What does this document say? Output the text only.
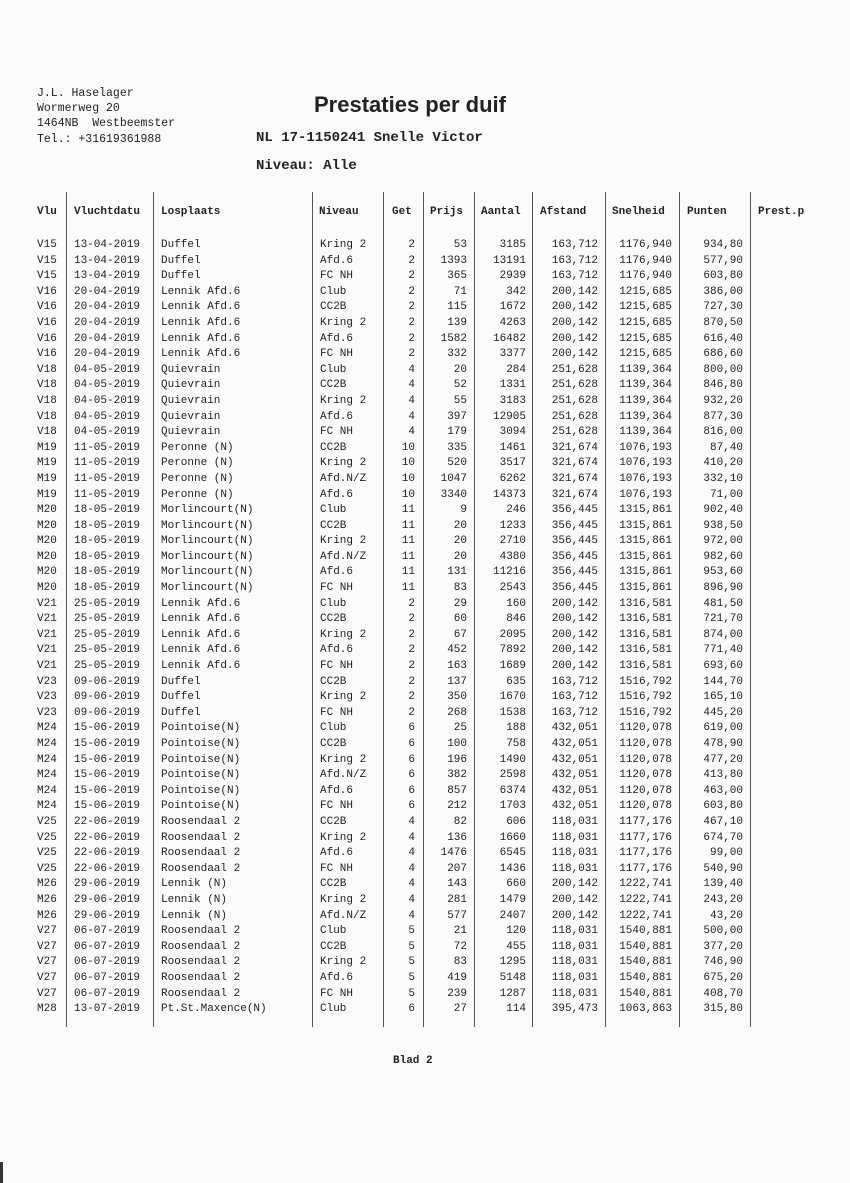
J.L. Haselager
Wormerweg 20
1464NB  Westbeemster
Tel.: +31619361988
Prestaties per duif
NL 17-1150241 Snelle Victor
Niveau: Alle
Vlu Vluchtdatu Losplaats	Niveau	Get Prijs Aantal Afstand Snelheid Punten	Prest.p
V15 13-04-2019 Duffel	Kring 2	2	53	3185 163,712 1176,940	934,80
V15 13-04-2019 Duffel	Afd.6	2 1393 13191 163,712 1176,940	577,90
V15 13-04-2019 Duffel	FC NH	2	365	2939 163,712 1176,940	603,80
V16 20-04-2019 Lennik Afd.6	Club	2	71	342 200,142 1215,685	386,00
V16 20-04-2019 Lennik Afd.6	CC2B	2	115	1672 200,142 1215,685	727,30
V16 20-04-2019 Lennik Afd.6	Kring 2	2	139	4263 200,142 1215,685	870,50
V16 20-04-2019 Lennik Afd.6	Afd.6	2 1582 16482 200,142 1215,685	616,40
V16 20-04-2019 Lennik Afd.6	FC NH	2	332	3377 200,142 1215,685	686,60
V18 04-05-2019 Quievrain	Club	4	20	284 251,628 1139,364	800,00
V18 04-05-2019 Quievrain	CC2B	4	52	1331 251,628 1139,364	846,80
V18 04-05-2019 Quievrain	Kring 2	4	55	3183 251,628 1139,364	932,20
V18 04-05-2019 Quievrain	Afd.6	4	397 12905 251,628 1139,364	877,30
V18 04-05-2019 Quievrain	FC NH	4	179	3094 251,628 1139,364	816,00
M19 11-05-2019 Peronne (N)	CC2B	10	335	1461 321,674 1076,193	87,40
M19 11-05-2019 Peronne (N)	Kring 2	10	520	3517 321,674 1076,193	410,20
M19 11-05-2019 Peronne (N)	Afd.N/Z	10 1047	6262 321,674 1076,193	332,10
M19 11-05-2019 Peronne (N)	Afd.6	10 3340 14373 321,674 1076,193	71,00
M20 18-05-2019 Morlincourt(N)	Club	11	9	246 356,445 1315,861	902,40
M20 18-05-2019 Morlincourt(N)	CC2B	11	20	1233 356,445 1315,861	938,50
M20 18-05-2019 Morlincourt(N)	Kring 2	11	20	2710 356,445 1315,861	972,00
M20 18-05-2019 Morlincourt(N)	Afd.N/Z	11	20	4380 356,445 1315,861	982,60
M20 18-05-2019 Morlincourt(N)	Afd.6	11	131 11216 356,445 1315,861	953,60
M20 18-05-2019 Morlincourt(N)	FC NH	11	83	2543 356,445 1315,861	896,90
V21 25-05-2019 Lennik Afd.6	Club	2	29	160 200,142 1316,581	481,50
V21 25-05-2019 Lennik Afd.6	CC2B	2	60	846 200,142 1316,581	721,70
V21 25-05-2019 Lennik Afd.6	Kring 2	2	67	2095 200,142 1316,581	874,00
V21 25-05-2019 Lennik Afd.6	Afd.6	2	452	7892 200,142 1316,581	771,40
V21 25-05-2019 Lennik Afd.6	FC NH	2	163	1689 200,142 1316,581	693,60
V23 09-06-2019 Duffel	CC2B	2	137	635 163,712 1516,792	144,70
V23 09-06-2019 Duffel	Kring 2	2	350	1670 163,712 1516,792	165,10
V23 09-06-2019 Duffel	FC NH	2	268	1538 163,712 1516,792	445,20
M24 15-06-2019 Pointoise(N)	Club	6	25	188 432,051 1120,078	619,00
M24 15-06-2019 Pointoise(N)	CC2B	6	100	758 432,051 1120,078	478,90
M24 15-06-2019 Pointoise(N)	Kring 2	6	196	1490 432,051 1120,078	477,20
M24 15-06-2019 Pointoise(N)	Afd.N/Z	6	382	2598 432,051 1120,078	413,80
M24 15-06-2019 Pointoise(N)	Afd.6	6	857	6374 432,051 1120,078	463,00
M24 15-06-2019 Pointoise(N)	FC NH	6	212	1703 432,051 1120,078	603,80
V25 22-06-2019 Roosendaal 2	CC2B	4	82	606 118,031 1177,176	467,10
V25 22-06-2019 Roosendaal 2	Kring 2	4	136	1660 118,031 1177,176	674,70
V25 22-06-2019 Roosendaal 2	Afd.6	4 1476	6545 118,031 1177,176	99,00
V25 22-06-2019 Roosendaal 2	FC NH	4	207	1436 118,031 1177,176	540,90
M26 29-06-2019 Lennik (N)	CC2B	4	143	660 200,142 1222,741	139,40
M26 29-06-2019 Lennik (N)	Kring 2	4	281	1479 200,142 1222,741	243,20
M26 29-06-2019 Lennik (N)	Afd.N/Z	4	577	2407 200,142 1222,741	43,20
V27 06-07-2019 Roosendaal 2	Club	5	21	120 118,031 1540,881	500,00
V27 06-07-2019 Roosendaal 2	CC2B	5	72	455 118,031 1540,881	377,20
V27 06-07-2019 Roosendaal 2	Kring 2	5	83	1295 118,031 1540,881	746,90
V27 06-07-2019 Roosendaal 2	Afd.6	5	419	5148 118,031 1540,881	675,20
V27 06-07-2019 Roosendaal 2	FC NH	5	239	1287 118,031 1540,881	408,70
M28 13-07-2019 Pt.St.Maxence(N)	Club	6	27	114 395,473 1063,863	315,80
Blad 2
